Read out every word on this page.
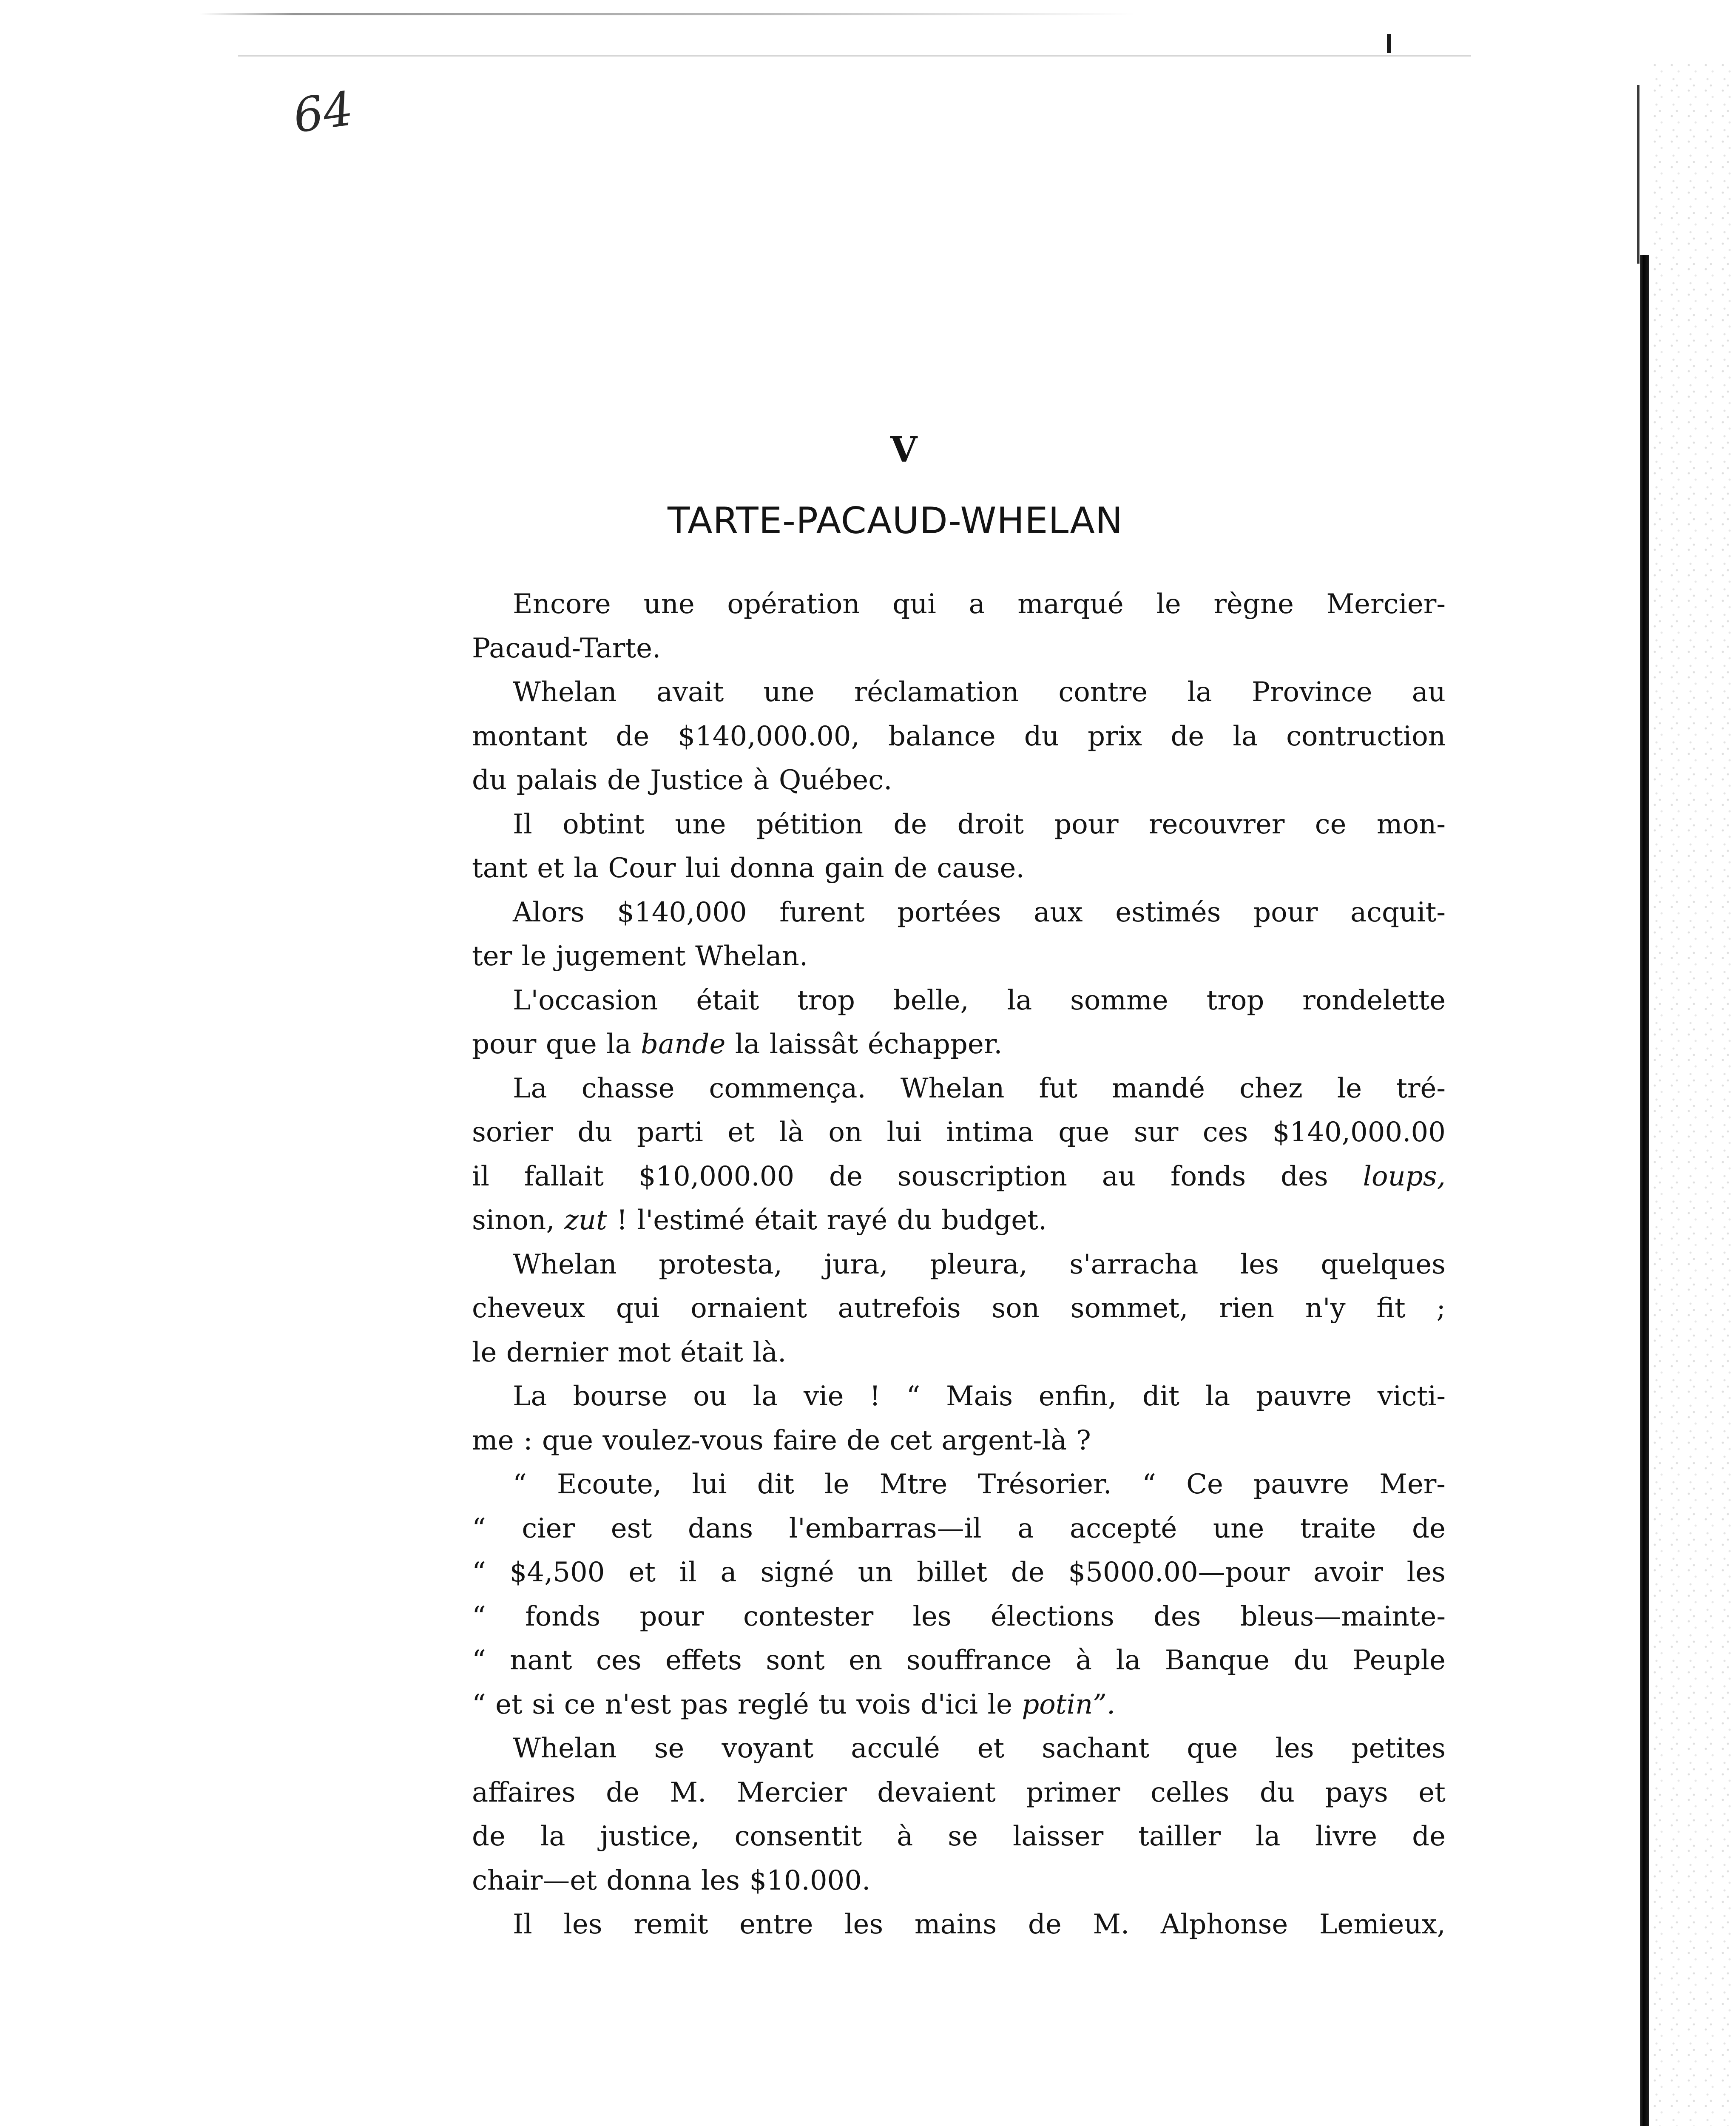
64
V
TARTE-PACAUD-WHELAN
Encore une opération qui a marqué le règne Mercier-
Pacaud-Tarte.
Whelan avait une réclamation contre la Province au
montant de $140,000.00, balance du prix de la contruction
du palais de Justice à Québec.
Il obtint une pétition de droit pour recouvrer ce mon-
tant et la Cour lui donna gain de cause.
Alors $140,000 furent portées aux estimés pour acquit-
ter le jugement Whelan.
L'occasion était trop belle, la somme trop rondelette
pour que la bande la laissât échapper.
La chasse commença. Whelan fut mandé chez le tré-
sorier du parti et là on lui intima que sur ces $140,000.00
il fallait $10,000.00 de souscription au fonds des loups,
sinon, zut ! l'estimé était rayé du budget.
Whelan protesta, jura, pleura, s'arracha les quelques
cheveux qui ornaient autrefois son sommet, rien n'y fit ;
le dernier mot était là.
La bourse ou la vie ! “ Mais enfin, dit la pauvre victi-
me : que voulez-vous faire de cet argent-là ?
“ Ecoute, lui dit le Mtre Trésorier. “ Ce pauvre Mer-
“ cier est dans l'embarras—il a accepté une traite de
“ $4,500 et il a signé un billet de $5000.00—pour avoir les
“ fonds pour contester les élections des bleus—mainte-
“ nant ces effets sont en souffrance à la Banque du Peuple
“ et si ce n'est pas reglé tu vois d'ici le potin”.
Whelan se voyant acculé et sachant que les petites
affaires de M. Mercier devaient primer celles du pays et
de la justice, consentit à se laisser tailler la livre de
chair—et donna les $10.000.
Il les remit entre les mains de M. Alphonse Lemieux,
